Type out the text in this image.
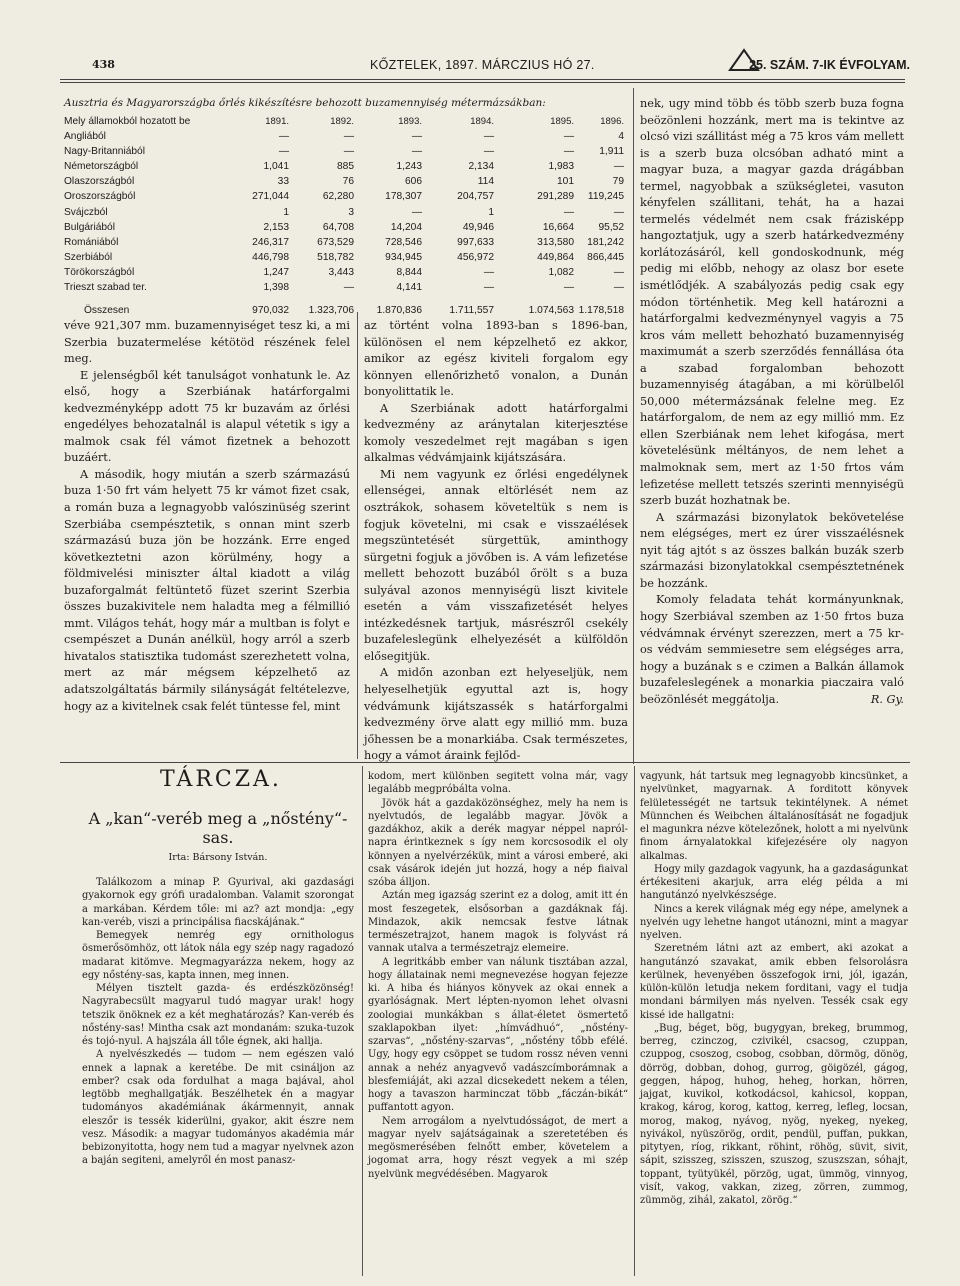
438	KŐZTELEK, 1897. MÁRCZIUS HÓ 27.	25. SZÁM. 7-IK ÉVFOLYAM.
Ausztria és Magyarországba őrlés kikészítésre behozott buzamennyiség métermázsákban:
Mely államokból hozatott be	1891.	1892.	1893.	1894.	1895.	1896.
Angliából	—	—	—	—	—	4
Nagy-Britanniából	—	—	—	—	— 1,911
Németországból	1,041	885	1,243	2,134	1,983	—
Olaszországból	33	76	606	114	101	79
Oroszországból	271,044	62,280	178,307	204,757	291,289 119,245
Svájczból	1	3	—	1	—	—
Bulgáriából	2,153	64,708	14,204	49,946	16,664 95,52
Romániából	246,317	673,529	728,546	997,633	313,580 181,242
Szerbiából	446,798	518,782	934,945	456,972	449,864 866,445
Törökországból	1,247	3,443	8,844	—	1,082	—
Trieszt szabad ter.	1,398	—	4,141	—	—	—
Összesen	970,032 1.323,706 1.870,836	1.711,557	1.074,563 1.178,518

véve 921,307 mm. buzamennyiséget tesz ki, a mi Szerbia buzatermelése kétötöd részének felel meg.

E jelenségből két tanulságot vonhatunk le. Az első, hogy a Szerbiának határforgalmi kedvezményképp adott 75 kr buzavám az őrlési engedélyes behozatalnál is alapul vétetik s igy a malmok csak fél vámot fizetnek a behozott buzáért.

A második, hogy miután a szerb származású buza 1·50 frt vám helyett 75 kr vámot fizet csak, a román buza a legnagyobb valószinüség szerint Szerbiába csempésztetik, s onnan mint szerb származású buza jön be hozzánk. Erre enged következtetni azon körülmény, hogy a földmivelési miniszter által kiadott a világ buzaforgalmát feltüntető füzet szerint Szerbia összes buzakivitele nem haladta meg a félmillió mmt. Világos tehát, hogy már a multban is folyt e csempészet a Dunán anélkül, hogy arról a szerb hivatalos statisztika tudomást szerezhetett volna, mert az már mégsem képzelhető az adatszolgáltatás bármily silányságát feltételezve, hogy az a kivitelnek csak felét tüntesse fel, mint

az történt volna 1893-ban s 1896-ban, különösen el nem képzelhető ez akkor, amikor az egész kiviteli forgalom egy könnyen ellenőrizhető vonalon, a Dunán bonyolittatik le.

A Szerbiának adott határforgalmi kedvezmény az aránytalan kiterjesztése komoly veszedelmet rejt magában s igen alkalmas védvámjaink kijátszására.

Mi nem vagyunk ez őrlési engedélynek ellenségei, annak eltörlését nem az osztrákok, sohasem követeltük s nem is fogjuk követelni, mi csak e visszaélések megszüntetését sürgettük, aminthogy sürgetni fogjuk a jövőben is. A vám lefizetése mellett behozott buzából őrölt s a buza sulyával azonos mennyiségü liszt kivitele esetén a vám visszafizetését helyes intézkedésnek tartjuk, másrészről csekély buzafeleslegünk elhelyezését a külföldön elősegitjük.

A midőn azonban ezt helyeseljük, nem helyeselhetjük egyuttal azt is, hogy védvámunk kijátszassék s határforgalmi kedvezmény örve alatt egy millió mm. buza jőhessen be a monarkiába. Csak természetes, hogy a vámot áraink fejlőd-

nek, ugy mind több és több szerb buza fogna beözönleni hozzánk, mert ma is tekintve az olcsó vizi szállitást még a 75 kros vám mellett is a szerb buza olcsóban adható mint a magyar buza, a magyar gazda drágábban termel, nagyobbak a szükségletei, vasuton kényfelen szállitani, tehát, ha a hazai termelés védelmét nem csak frázisképp hangoztatjuk, ugy a szerb határkedvezmény korlátozásáról, kell gondoskodnunk, még pedig mi előbb, nehogy az olasz bor esete ismétlődjék. A szabályozás pedig csak egy módon történhetik. Meg kell határozni a határforgalmi kedvezménynyel vagyis a 75 kros vám mellett behozható buzamennyiség maximumát a szerb szerződés fennállása óta a szabad forgalomban behozott buzamennyiség átagában, a mi körülbelől 50,000 métermázsának felelne meg. Ez határforgalom, de nem az egy millió mm. Ez ellen Szerbiának nem lehet kifogása, mert követelésünk méltányos, de nem lehet a malmoknak sem, mert az 1·50 frtos vám lefizetése mellett tetszés szerinti mennyiségü szerb buzát hozhatnak be.

A származási bizonylatok bekövetelése nem elégséges, mert ez úrer visszaélésnek nyit tág ajtót s az összes balkán buzák szerb származási bizonylatokkal csempésztetnének be hozzánk.

Komoly feladata tehát kormányunknak, hogy Szerbiával szemben az 1·50 frtos buza védvámnak érvényt szerezzen, mert a 75 kr-os védvám semmiesetre sem elégséges arra, hogy a buzának s e czimen a Balkán államok buzafeleslegének a monarkia piaczaira való beözönlését meggátolja.	R. Gy.
TÁRCZA.
A „kan“-veréb meg a „nőstény“-sas.
Irta: Bársony István.

Találkozom a minap P. Gyurival, aki gazdasági gyakornok egy grófi uradalomban. Valamit szorongat a markában. Kérdem tőle: mi az? azt mondja: „egy kan-veréb, viszi a principálisa fiacskájának.“

Bemegyek nemrég egy ornithologus ösmerősömhöz, ott látok nála egy szép nagy ragadozó madarat kitömve. Megmagyarázza nekem, hogy az egy nőstény-sas, kapta innen, meg innen.

Mélyen tisztelt gazda- és erdészközönség! Nagyrabecsült magyarul tudó magyar urak! hogy tetszik önöknek ez a két meghatározás? Kan-veréb és nőstény-sas! Mintha csak azt mondanám: szuka-tuzok és tojó-nyul. A hajszála áll tőle égnek, aki hallja.

A nyelvészkedés — tudom — nem egészen való ennek a lapnak a keretébe. De mit csináljon az ember? csak oda fordulhat a maga bajával, ahol legtöbb meghallgatják. Beszélhetek én a magyar tudományos akadémiának ákármennyit, annak eleszőr is tessék kiderülni, gyakor, akit észre nem vesz. Második: a magyar tudományos akadémia már bebizonyitotta, hogy nem tud a magyar nyelvnek azon a baján segiteni, amelyről én most panasz-

kodom, mert különben segitett volna már, vagy legalább megpróbálta volna.

Jövök hát a gazdaközönséghez, mely ha nem is nyelvtudós, de legalább magyar. Jövök a gazdákhoz, akik a derék magyar néppel napról-napra érintkeznek s így nem korcsosodik el oly könnyen a nyelvérzékük, mint a városi emberé, aki csak vásárok idején jut hozzá, hogy a nép fiaival szóba álljon.

Aztán meg igazság szerint ez a dolog, amit itt én most feszegetek, elsősorban a gazdáknak fáj. Mindazok, akik nemcsak festve látnak természetrajzot, hanem magok is folyvást rá vannak utalva a természetrajz elemeire.

A legritkább ember van nálunk tisztában azzal, hogy állatainak nemi megnevezése hogyan fejezze ki. A hiba és hiányos könyvek az okai ennek a gyarlóságnak. Mert lépten-nyomon lehet olvasni zoologiai munkákban s állat-életet ösmertető szaklapokban ilyet: „hímvádhuó“, „nőstény-szarvas“, „nőstény-szarvas“, „nőstény tőbb efélé. Ugy, hogy egy csöppet se tudom rossz néven venni annak a nehéz anyagvevő vadászcímborámnak a blesfemiáját, aki azzal dicsekedett nekem a télen, hogy a tavaszon harminczat több „fáczán-bikát“ puffantott agyon.

Nem arrogálom a nyelvtudósságot, de mert a magyar nyelv sajátságainak a szeretetében és megösmerésében felnőtt ember, követelem a jogomat arra, hogy részt vegyek a mi szép nyelvünk megvédésében. Magyarok

vagyunk, hát tartsuk meg legnagyobb kincsünket, a nyelvünket, magyarnak. A forditott könyvek felületességét ne tartsuk tekintélynek. A német Münnchen és Weibchen általánosítását ne fogadjuk el magunkra nézve kötelezőnek, holott a mi nyelvünk finom árnyalatokkal kifejezésére oly nagyon alkalmas.

Hogy mily gazdagok vagyunk, ha a gazdaságunkat értékesiteni akarjuk, arra elég példa a mi hangutánzó nyelvkészsége.

Nincs a kerek világnak még egy népe, amelynek a nyelvén ugy lehetne hangot utánozni, mint a magyar nyelven.

Szeretném látni azt az embert, aki azokat a hangutánzó szavakat, amik ebben felsorolásra kerülnek, hevenyében összefogok irni, jól, igazán, külön-külön letudja nekem forditani, vagy el tudja mondani bármilyen más nyelven. Tessék csak egy kissé ide hallgatni:

„Bug, béget, bög, bugygyan, brekeg, brummog, berreg, czinczog, czivikél, csacsog, czuppan, czuppog, csoszog, csobog, csobban, dörmög, dönög, dörrög, dobban, dohog, gurrog, göigözél, gágog, geggen, hápog, huhog, heheg, horkan, hörren, jajgat, kuvikol, kotkodácsol, kahicsol, koppan, krakog, károg, korog, kattog, kerreg, lefleg, locsan, morog, makog, nyávog, nyög, nyekeg, nyekeg, nyivákol, nyüszörög, ordit, pendül, puffan, pukkan, pitytyen, ríog, rikkant, röhint, röhög, süvit, sivit, sápit, szisszeg, szisszen, szuszog, szuszszan, sóhajt, toppant, tyütyükél, pörzög, ugat, ümmög, vinnyog, visít, vakog, vakkan, zizeg, zörren, zummog, zümmög, zihál, zakatol, zörög.“
